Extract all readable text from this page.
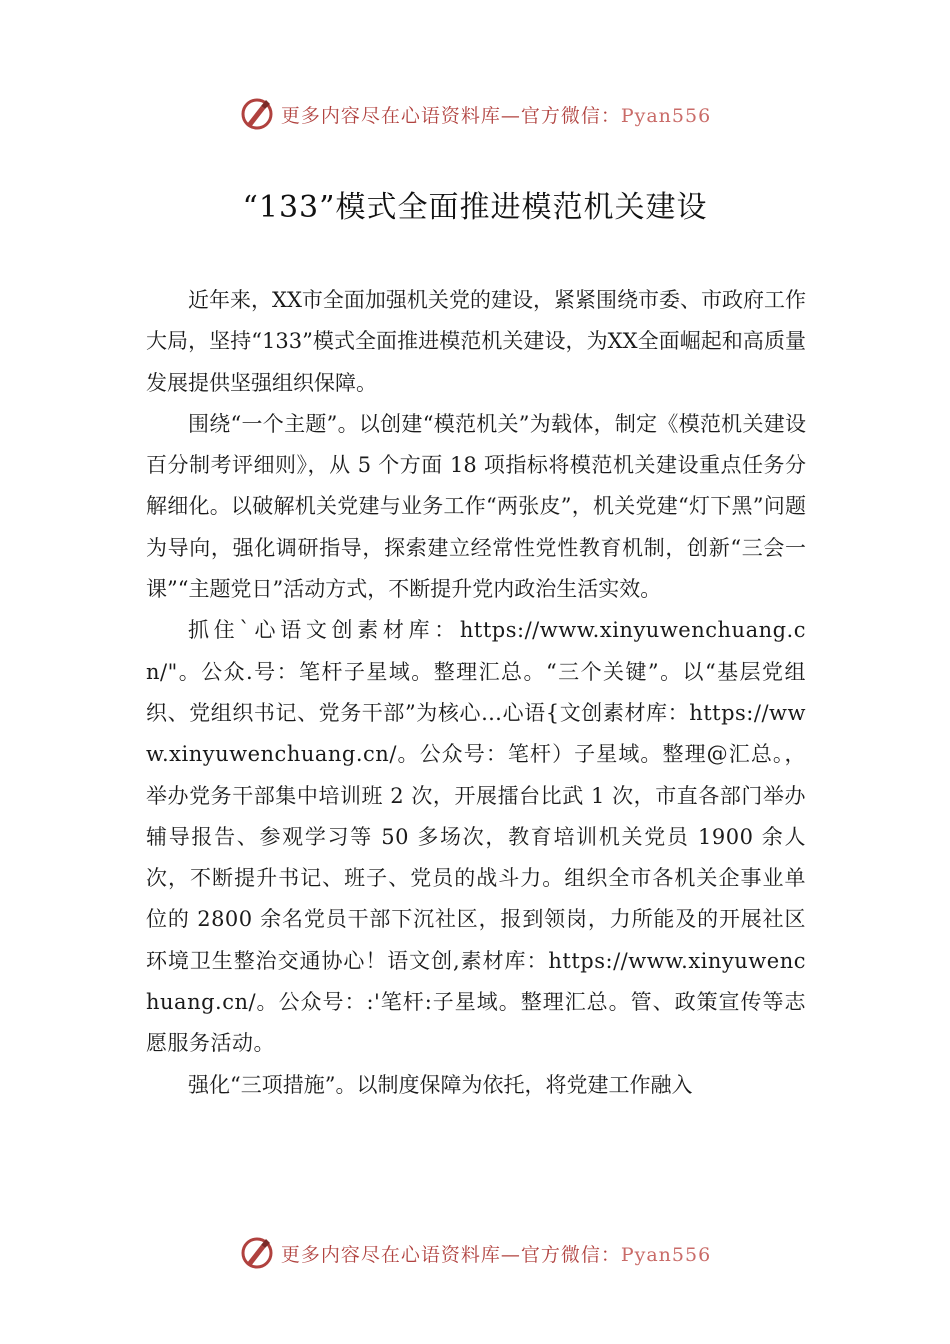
更多内容尽在心语资料库—官方微信：Pyan556
“133”模式全面推进模范机关建设

近年来，XX市全面加强机关党的建设，紧紧围绕市委、市政府工作大局，坚持“133”模式全面推进模范机关建设，为XX全面崛起和高质量发展提供坚强组织保障。

围绕“一个主题”。以创建“模范机关”为载体，制定《模范机关建设百分制考评细则》，从 5 个方面 18 项指标将模范机关建设重点任务分解细化。以破解机关党建与业务工作“两张皮”，机关党建“灯下黑”问题为导向，强化调研指导，探索建立经常性党性教育机制，创新“三会一课”“主题党日”活动方式，不断提升党内政治生活实效。

抓住`心语文创素材库：https://www.xinyuwenchuang.cn/"。公众.号：笔杆子星域。整理汇总。“三个关键”。以“基层党组织、党组织书记、党务干部”为核心…心语{文创素材库：https://www.xinyuwenchuang.cn/。公众号：笔杆）子星域。整理@汇总。，举办党务干部集中培训班 2 次，开展擂台比武 1 次，市直各部门举办辅导报告、参观学习等 50 多场次，教育培训机关党员 1900 余人次，不断提升书记、班子、党员的战斗力。组织全市各机关企事业单位的 2800 余名党员干部下沉社区，报到领岗，力所能及的开展社区环境卫生整治交通协心！语文创,素材库：https://www.xinyuwenchuang.cn/。公众号：:'笔杆:子星域。整理汇总。管、政策宣传等志愿服务活动。

强化“三项措施”。以制度保障为依托，将党建工作融入

更多内容尽在心语资料库—官方微信：Pyan556
